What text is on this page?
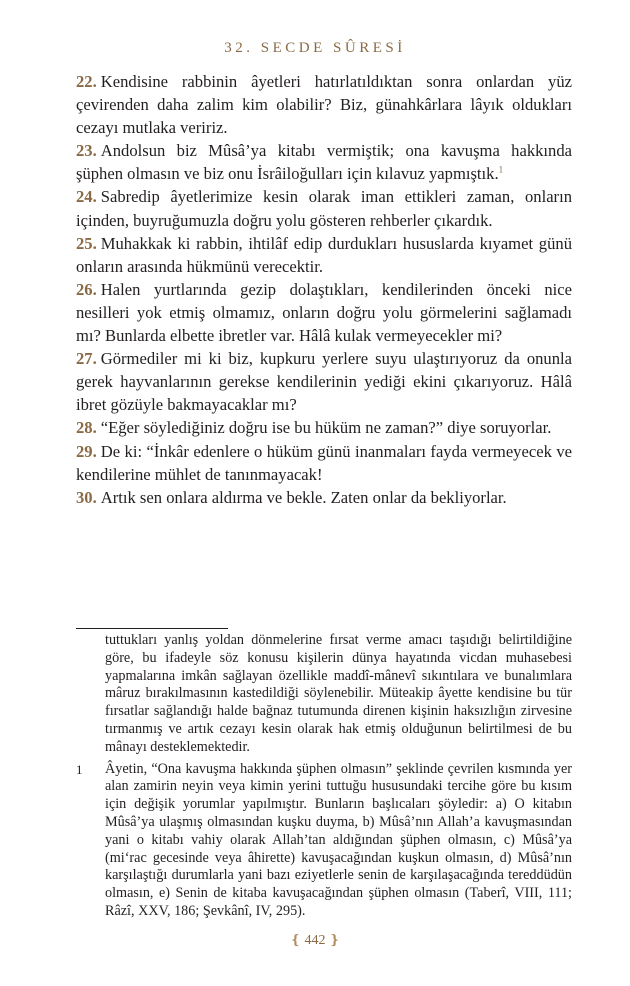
32. SECDE SÛRESİ

22. Kendisine rabbinin âyetleri hatırlatıldıktan sonra onlardan yüz çevirenden daha zalim kim olabilir? Biz, günahkârlara lâyık oldukları cezayı mutlaka veririz.

23. Andolsun biz Mûsâ’ya kitabı vermiştik; ona kavuşma hakkında şüphen olmasın ve biz onu İsrâiloğulları için kılavuz yapmıştık.$^1$

24. Sabredip âyetlerimize kesin olarak iman ettikleri zaman, onların içinden, buyruğumuzla doğru yolu gösteren rehberler çıkardık.

25. Muhakkak ki rabbin, ihtilâf edip durdukları hususlarda kıyamet günü onların arasında hükmünü verecektir.

26. Halen yurtlarında gezip dolaştıkları, kendilerinden önceki nice nesilleri yok etmiş olmamız, onların doğru yolu görmelerini sağlamadı mı? Bunlarda elbette ibretler var. Hâlâ kulak vermeyecekler mi?

27. Görmediler mi ki biz, kupkuru yerlere suyu ulaştırıyoruz da onunla gerek hayvanlarının gerekse kendilerinin yediği ekini çıkarıyoruz. Hâlâ ibret gözüyle bakmayacaklar mı?

28. “Eğer söylediğiniz doğru ise bu hüküm ne zaman?” diye soruyorlar.

29. De ki: “İnkâr edenlere o hüküm günü inanmaları fayda vermeyecek ve kendilerine mühlet de tanınmayacak!

30. Artık sen onlara aldırma ve bekle. Zaten onlar da bekliyorlar.

tuttukları yanlış yoldan dönmelerine fırsat verme amacı taşıdığı belirtildiğine göre, bu ifadeyle söz konusu kişilerin dünya hayatında vicdan muhasebesi yapmalarına imkân sağlayan özellikle maddî-mânevî sıkıntılara ve bunalımlara mâruz bırakılmasının kastedildiği söylenebilir. Müteakip âyette kendisine bu tür fırsatlar sağlandığı halde bağnaz tutumunda direnen kişinin haksızlığın zirvesine tırmanmış ve artık cezayı kesin olarak hak etmiş olduğunun belirtilmesi de bu mânayı desteklemektedir.

1 Âyetin, “Ona kavuşma hakkında şüphen olmasın” şeklinde çevrilen kısmında yer alan zamirin neyin veya kimin yerini tuttuğu hususundaki tercihe göre bu kısım için değişik yorumlar yapılmıştır. Bunların başlıcaları şöyledir: a) O kitabın Mûsâ’ya ulaşmış olmasından kuşku duyma, b) Mûsâ’nın Allah’a kavuşmasından yani o kitabı vahiy olarak Allah’tan aldığından şüphen olmasın, c) Mûsâ’ya (mi‘rac gecesinde veya âhirette) kavuşacağından kuşkun olmasın, d) Mûsâ’nın karşılaştığı durumlarla yani bazı eziyetlerle senin de karşılaşacağında tereddüdün olmasın, e) Senin de kitaba kavuşacağından şüphen olmasın (Taberî, VIII, 111; Râzî, XXV, 186; Şevkânî, IV, 295).

❴ 442 ❵
